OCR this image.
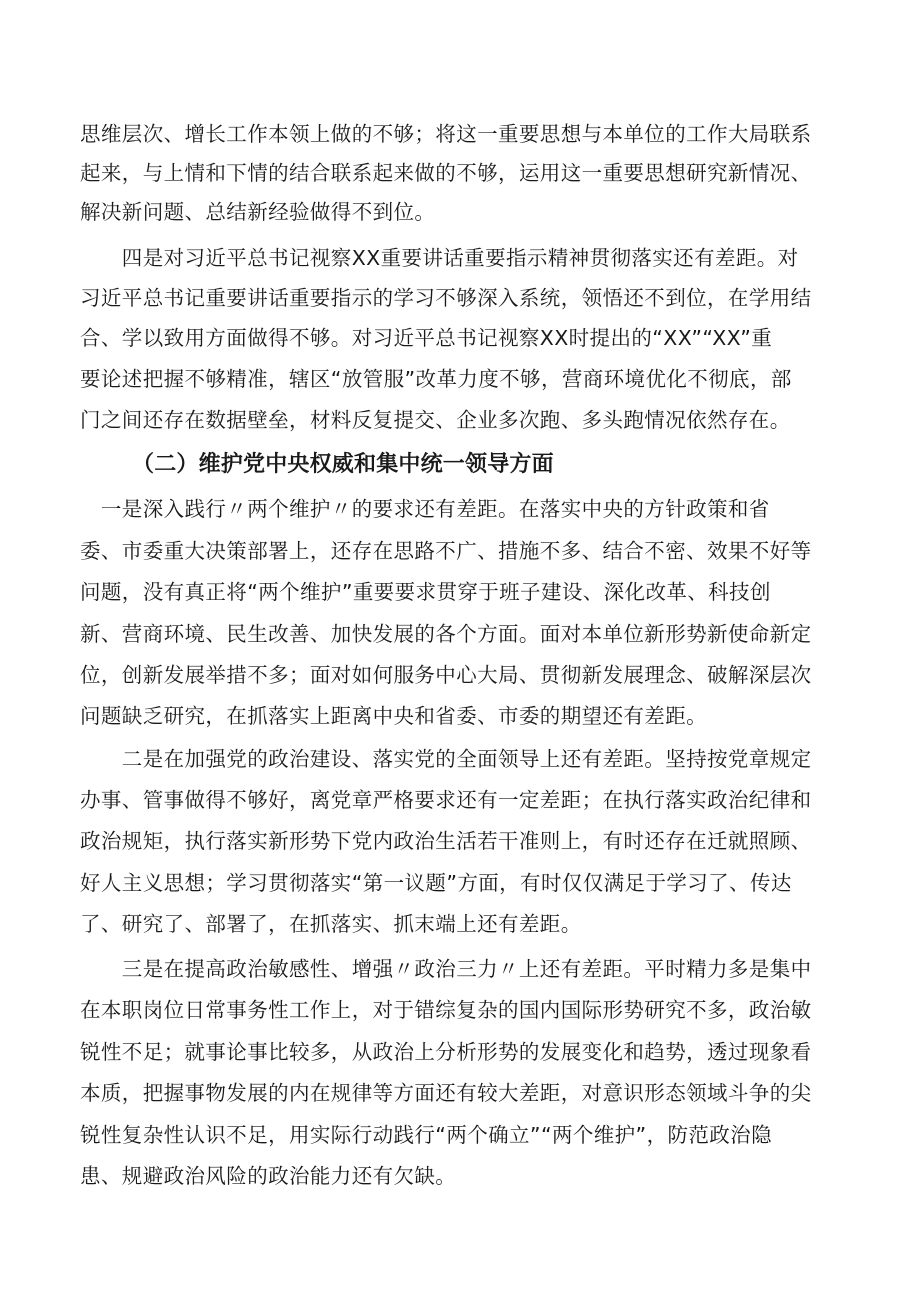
思维层次、增长工作本领上做的不够；将这一重要思想与本单位的工作大局联系
起来，与上情和下情的结合联系起来做的不够，运用这一重要思想研究新情况、
解决新问题、总结新经验做得不到位。
　　四是对习近平总书记视察XX重要讲话重要指示精神贯彻落实还有差距。对
习近平总书记重要讲话重要指示的学习不够深入系统，领悟还不到位，在学用结
合、学以致用方面做得不够。对习近平总书记视察XX时提出的“XX”“XX”重
要论述把握不够精准，辖区“放管服”改革力度不够，营商环境优化不彻底，部
门之间还存在数据壁垒，材料反复提交、企业多次跑、多头跑情况依然存在。
（二）维护党中央权威和集中统一领导方面
　一是深入践行〃两个维护〃的要求还有差距。在落实中央的方针政策和省
委、市委重大决策部署上，还存在思路不广、措施不多、结合不密、效果不好等
问题，没有真正将“两个维护”重要要求贯穿于班子建设、深化改革、科技创
新、营商环境、民生改善、加快发展的各个方面。面对本单位新形势新使命新定
位，创新发展举措不多；面对如何服务中心大局、贯彻新发展理念、破解深层次
问题缺乏研究，在抓落实上距离中央和省委、市委的期望还有差距。
　　二是在加强党的政治建设、落实党的全面领导上还有差距。坚持按党章规定
办事、管事做得不够好，离党章严格要求还有一定差距；在执行落实政治纪律和
政治规矩，执行落实新形势下党内政治生活若干准则上，有时还存在迁就照顾、
好人主义思想；学习贯彻落实“第一议题”方面，有时仅仅满足于学习了、传达
了、研究了、部署了，在抓落实、抓末端上还有差距。
　　三是在提高政治敏感性、增强〃政治三力〃上还有差距。平时精力多是集中
在本职岗位日常事务性工作上，对于错综复杂的国内国际形势研究不多，政治敏
锐性不足；就事论事比较多，从政治上分析形势的发展变化和趋势，透过现象看
本质，把握事物发展的内在规律等方面还有较大差距，对意识形态领域斗争的尖
锐性复杂性认识不足，用实际行动践行“两个确立”“两个维护”，防范政治隐
患、规避政治风险的政治能力还有欠缺。
